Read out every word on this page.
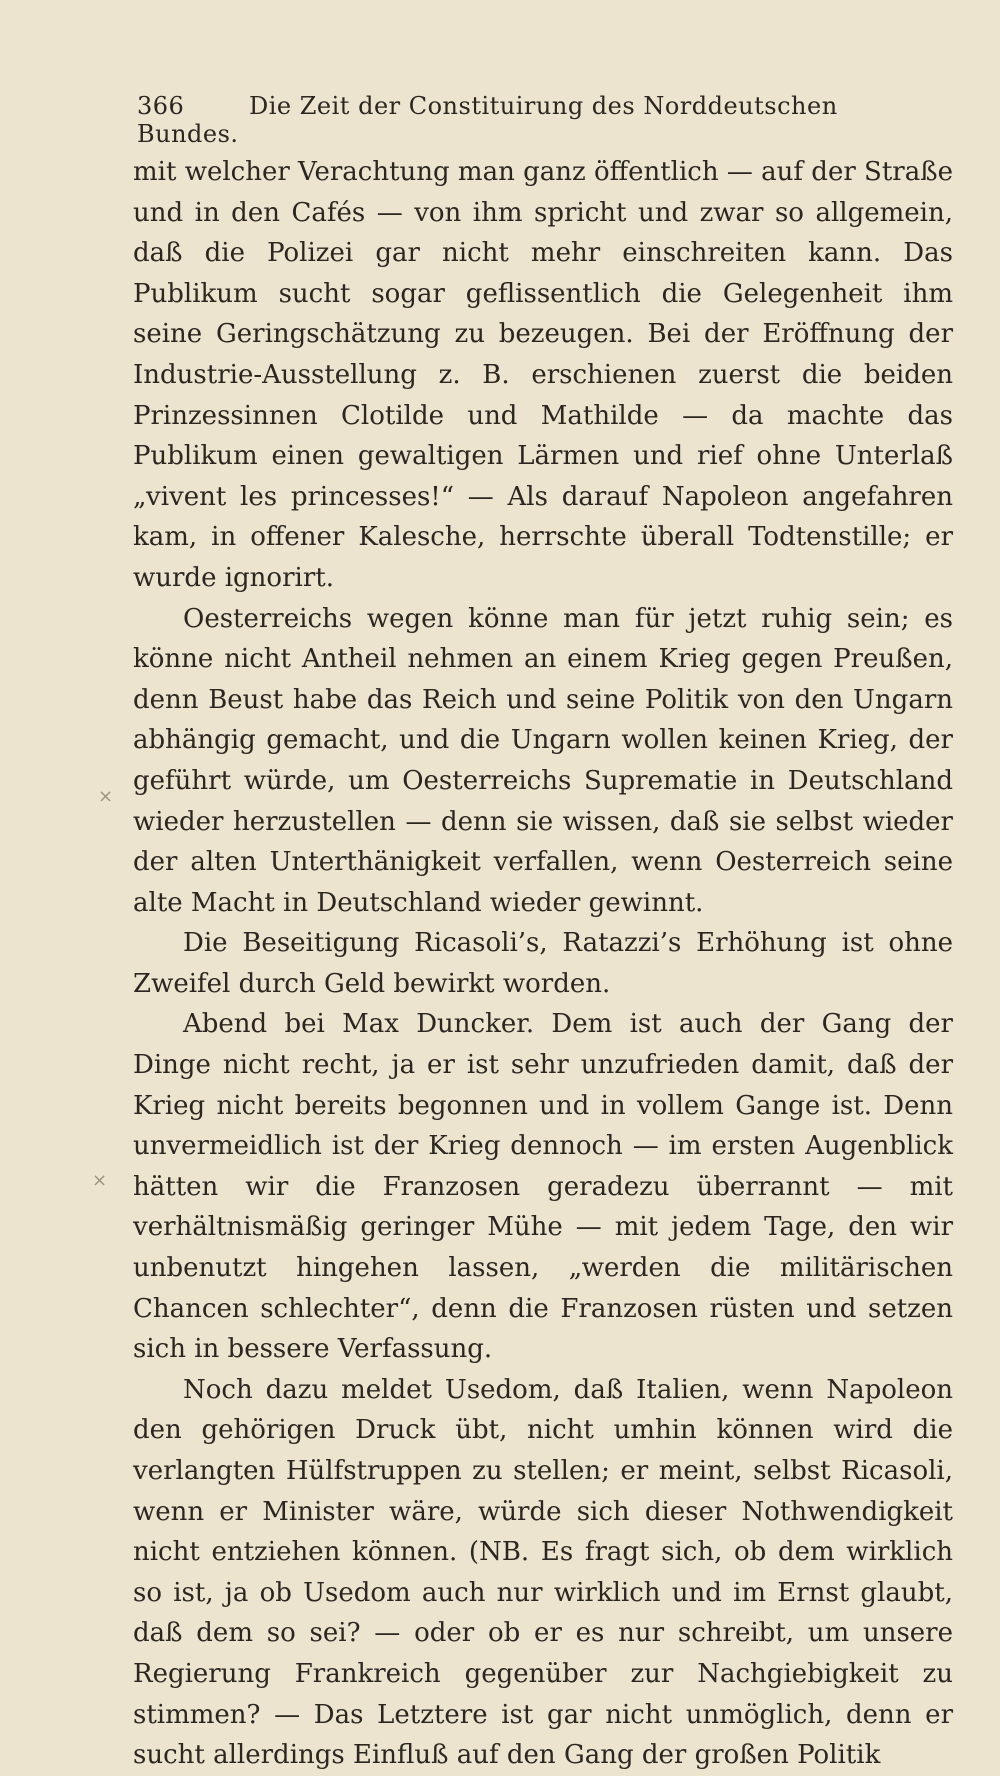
366	Die Zeit der Constituirung des Norddeutschen Bundes.

mit welcher Verachtung man ganz öffentlich — auf der Straße und in den Cafés — von ihm spricht und zwar so allgemein, daß die Polizei gar nicht mehr einschreiten kann. Das Publikum sucht sogar geflissentlich die Gelegenheit ihm seine Geringschätzung zu bezeugen. Bei der Eröffnung der Industrie-Ausstellung z. B. erschienen zuerst die beiden Prinzessinnen Clotilde und Mathilde — da machte das Publikum einen gewaltigen Lärmen und rief ohne Unterlaß „vivent les princesses!“ — Als darauf Napoleon angefahren kam, in offener Kalesche, herrschte überall Todtenstille; er wurde ignorirt.

Oesterreichs wegen könne man für jetzt ruhig sein; es könne nicht Antheil nehmen an einem Krieg gegen Preußen, denn Beust habe das Reich und seine Politik von den Ungarn abhängig gemacht, und die Ungarn wollen keinen Krieg, der geführt würde, um Oesterreichs Suprematie in Deutschland wieder herzustellen — denn sie wissen, daß sie selbst wieder der alten Unterthänigkeit verfallen, wenn Oesterreich seine alte Macht in Deutschland wieder gewinnt.

Die Beseitigung Ricasoli’s, Ratazzi’s Erhöhung ist ohne Zweifel durch Geld bewirkt worden.

Abend bei Max Duncker. Dem ist auch der Gang der Dinge nicht recht, ja er ist sehr unzufrieden damit, daß der Krieg nicht bereits begonnen und in vollem Gange ist. Denn unvermeidlich ist der Krieg dennoch — im ersten Augenblick hätten wir die Franzosen geradezu überrannt — mit verhältnismäßig geringer Mühe — mit jedem Tage, den wir unbenutzt hingehen lassen, „werden die militärischen Chancen schlechter“, denn die Franzosen rüsten und setzen sich in bessere Verfassung.

Noch dazu meldet Usedom, daß Italien, wenn Napoleon den gehörigen Druck übt, nicht umhin können wird die verlangten Hülfstruppen zu stellen; er meint, selbst Ricasoli, wenn er Minister wäre, würde sich dieser Nothwendigkeit nicht entziehen können. (NB. Es fragt sich, ob dem wirklich so ist, ja ob Usedom auch nur wirklich und im Ernst glaubt, daß dem so sei? — oder ob er es nur schreibt, um unsere Regierung Frankreich gegenüber zur Nachgiebigkeit zu stimmen? — Das Letztere ist gar nicht unmöglich, denn er sucht allerdings Einfluß auf den Gang der großen Politik

×
×
